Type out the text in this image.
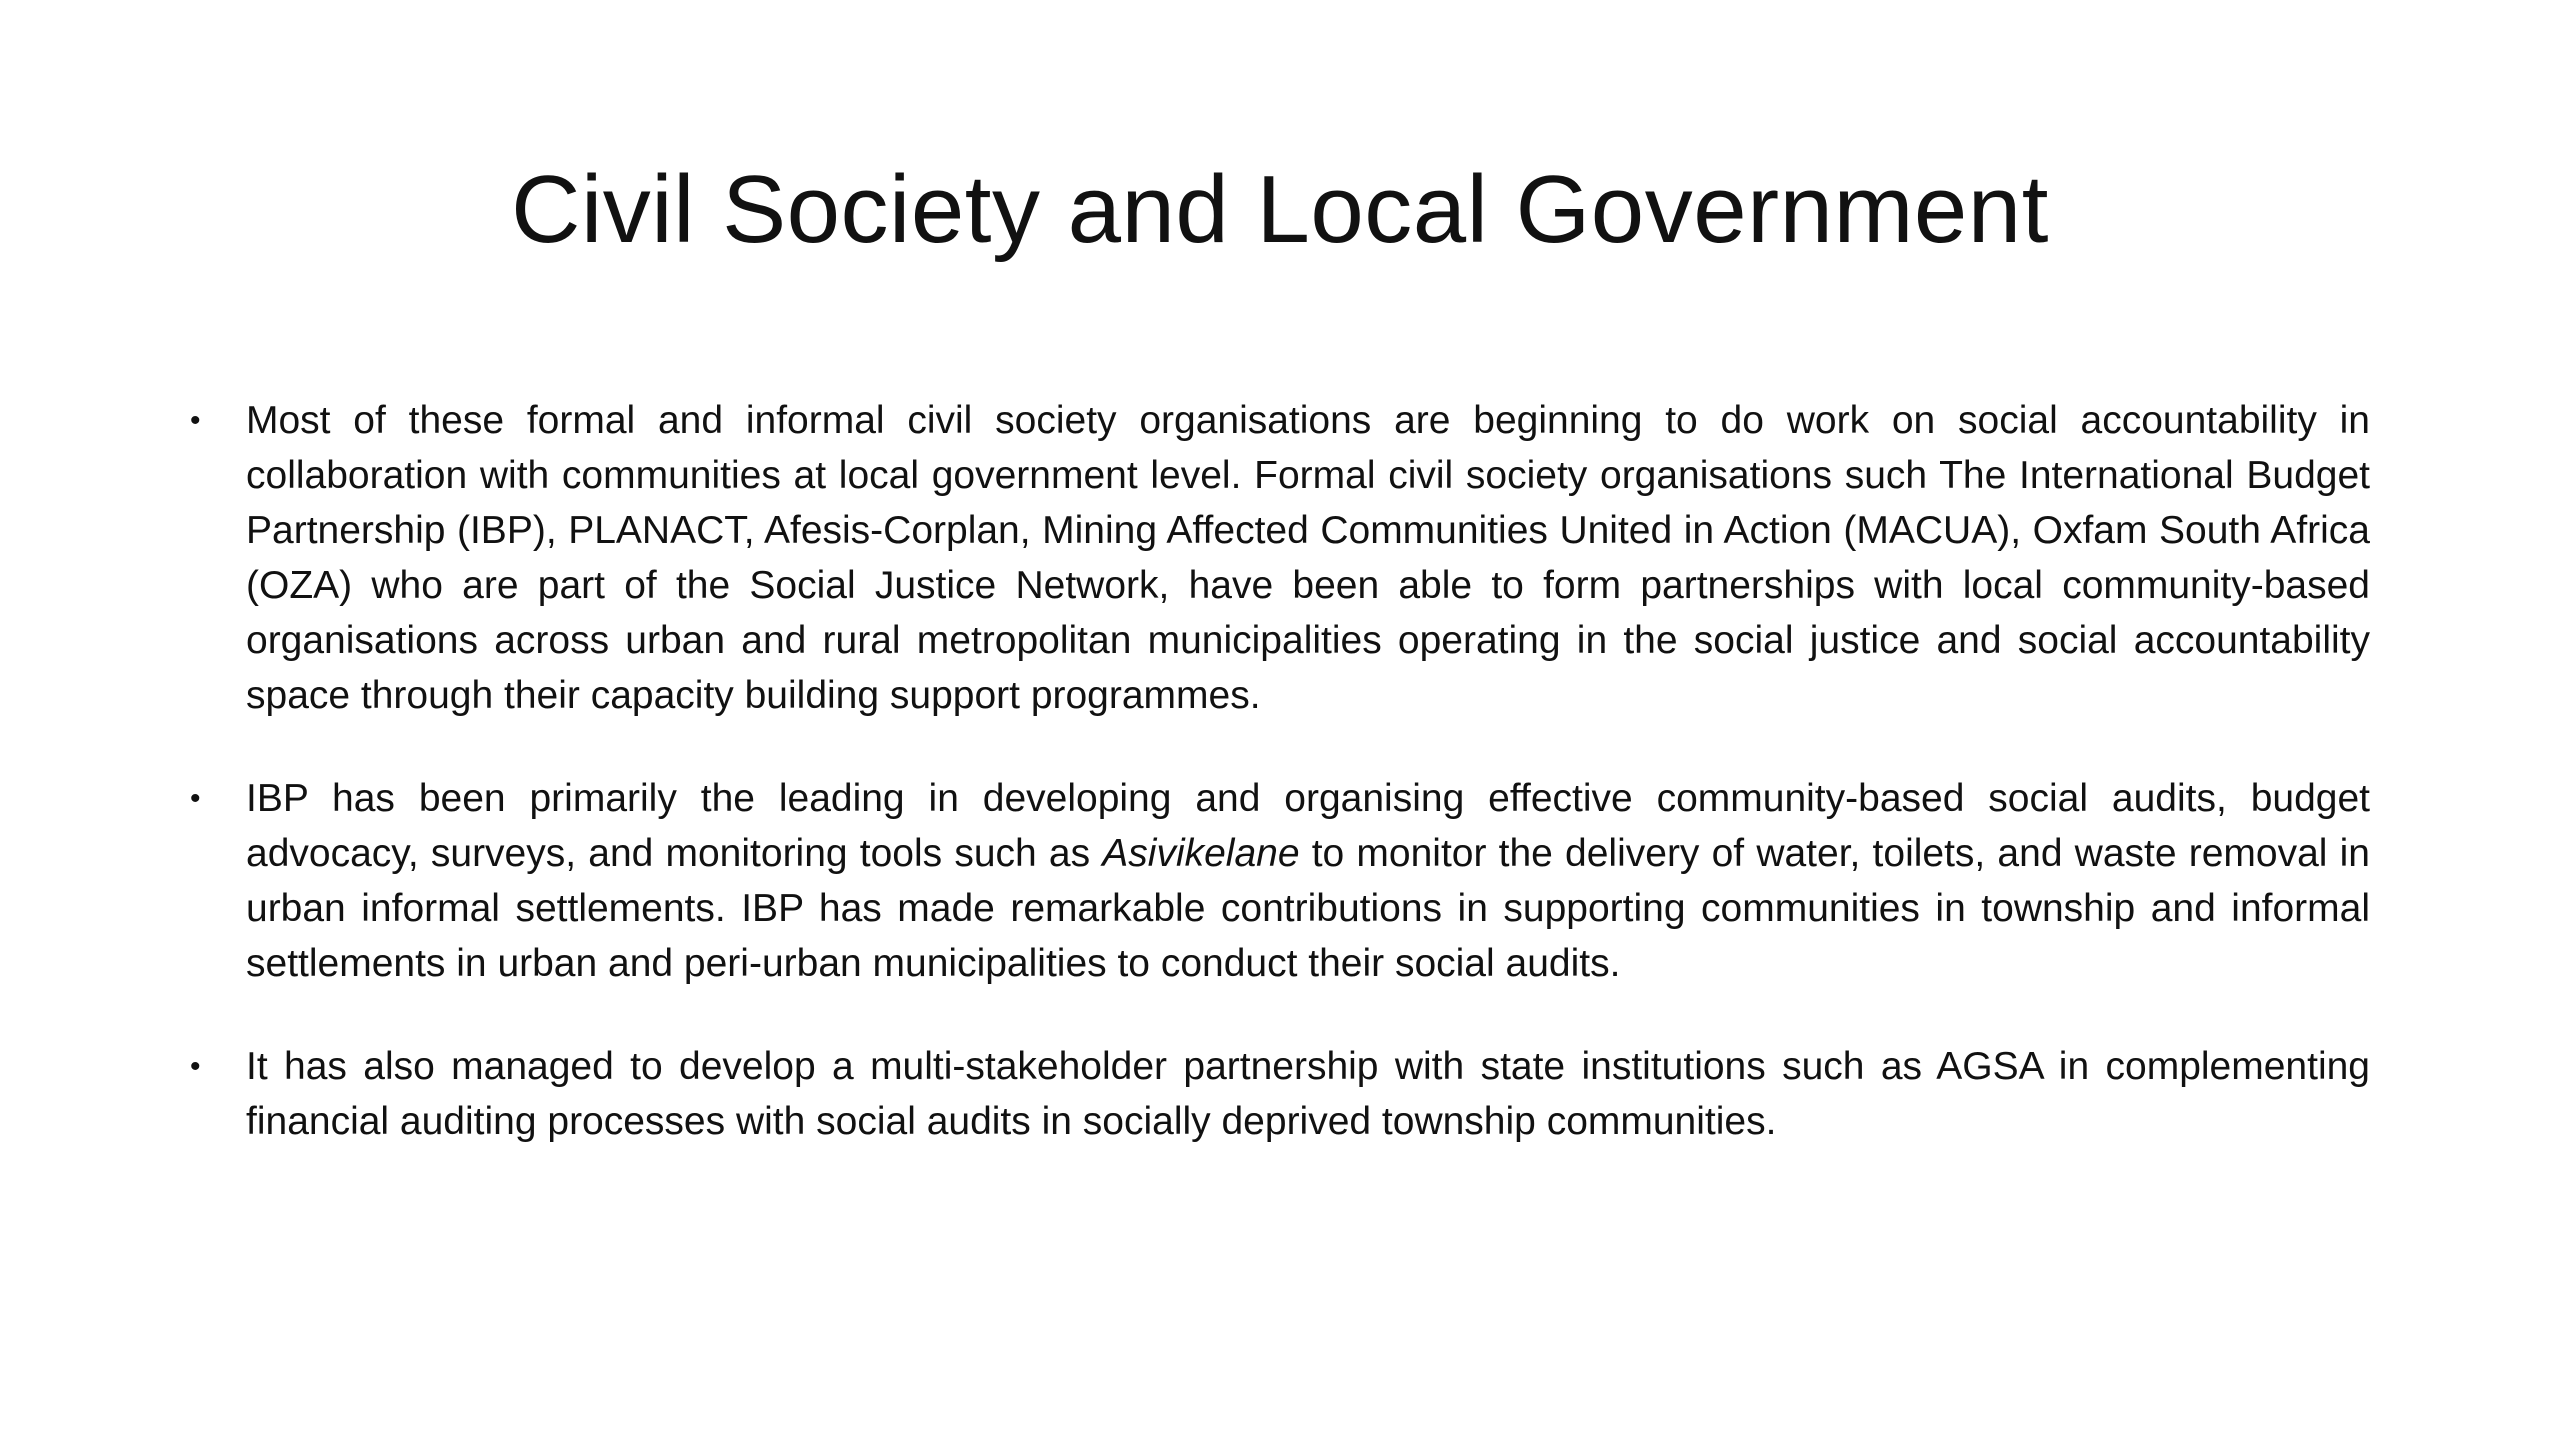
Civil Society and Local Government
•	Most of these formal and informal civil society organisations are beginning to do work on social accountability in collaboration with communities at local government level. Formal civil society organisations such The International Budget Partnership (IBP), PLANACT, Afesis-Corplan, Mining Affected Communities United in Action (MACUA), Oxfam South Africa (OZA) who are part of the Social Justice Network, have been able to form partnerships with local community-based organisations across urban and rural metropolitan municipalities operating in the social justice and social accountability space through their capacity building support programmes.
•	IBP has been primarily the leading in developing and organising effective community-based social audits, budget advocacy, surveys, and monitoring tools such as Asivikelane to monitor the delivery of water, toilets, and waste removal in urban informal settlements. IBP has made remarkable contributions in supporting communities in township and informal settlements in urban and peri-urban municipalities to conduct their social audits.
•	It has also managed to develop a multi-stakeholder partnership with state institutions such as AGSA in complementing financial auditing processes with social audits in socially deprived township communities.
